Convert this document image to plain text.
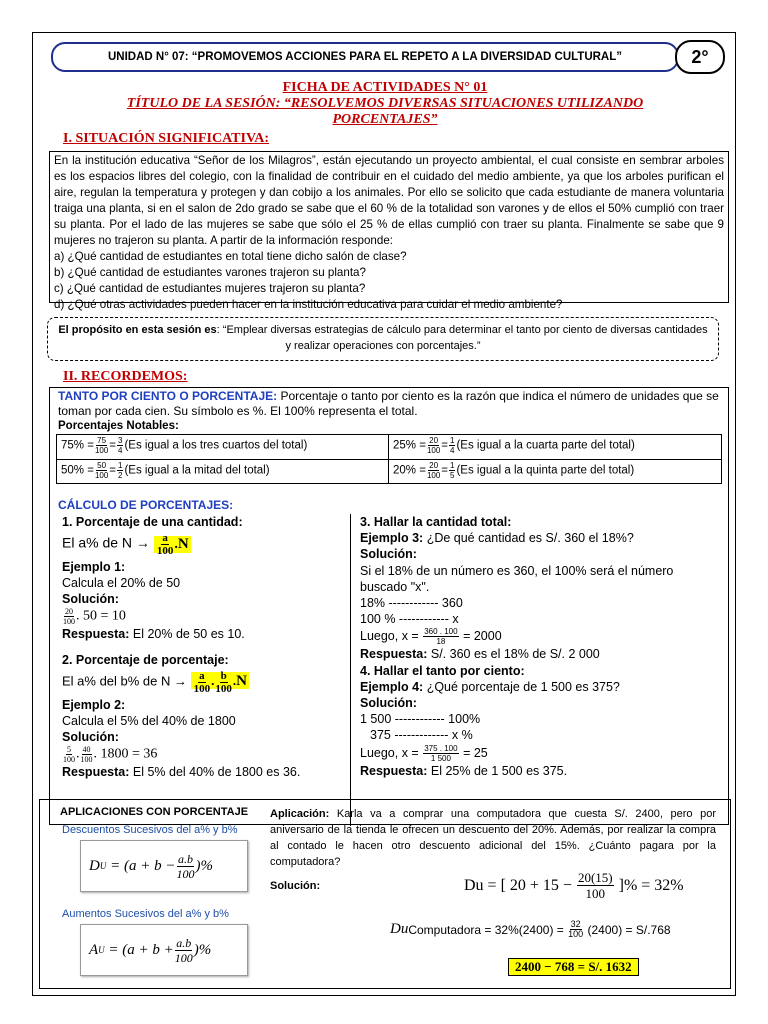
UNIDAD N° 07: “PROMOVEMOS ACCIONES PARA EL REPETO A LA DIVERSIDAD CULTURAL”	2°
FICHA DE ACTIVIDADES N° 01
TÍTULO DE LA SESIÓN: “RESOLVEMOS DIVERSAS SITUACIONES UTILIZANDO
PORCENTAJES”
I. SITUACIÓN SIGNIFICATIVA:
En la institución educativa “Señor de los Milagros”, están ejecutando un proyecto ambiental, el cual consiste en sembrar arboles es los espacios libres del colegio, con la finalidad de contribuir en el cuidado del medio ambiente, ya que los arboles purifican el aire, regulan la temperatura y protegen y dan cobijo a los animales. Por ello se solicito que cada estudiante de manera voluntaria traiga una planta, si en el salon de 2do grado se sabe que el 60 % de la totalidad son varones y de ellos el 50% cumplió con traer su planta. Por el lado de las mujeres se sabe que sólo el 25 % de ellas cumplió con traer su planta. Finalmente se sabe que 9 mujeres no trajeron su planta. A partir de la información responde:
a) ¿Qué cantidad de estudiantes en total tiene dicho salón de clase?
b) ¿Qué cantidad de estudiantes varones trajeron su planta?
c) ¿Qué cantidad de estudiantes mujeres trajeron su planta?
d) ¿Qué otras actividades pueden hacer en la institución educativa para cuidar el medio ambiente?
El propósito en esta sesión es: “Emplear diversas estrategias de cálculo para determinar el tanto por ciento de diversas cantidades
y realizar operaciones con porcentajes.”
II. RECORDEMOS:
TANTO POR CIENTO O PORCENTAJE: Porcentaje o tanto por ciento es la razón que indica el número de unidades que se
toman por cada cien. Su símbolo es %. El 100% representa el total.
Porcentajes Notables:
$75\% = \frac{75}{100} = \frac{3}{4} (Es$ igual a los tres cuartos del total)	$25\% = \frac{20}{100} = \frac{1}{4} (Es$ igual a la cuarta parte del total)
$50\% = \frac{50}{100} = \frac{1}{2} (Es$ igual a la mitad del total)	$20\% = \frac{20}{100} = \frac{1}{5} (Es$ igual a la quinta parte del total)
CÁLCULO DE PORCENTAJES:
1. Porcentaje de una cantidad:
El a% de $N \to \frac{a}{100} .N$
Ejemplo 1:
Calcula el 20% de 50
Solución:
$\frac{20}{100}$ . 50 = 10
Respuesta: El 20% de 50 es 10.
2. Porcentaje de porcentaje:
El a% del b% de $N \to \frac{a}{100}$ . $\frac{b}{100} .N$
Ejemplo 2:
Calcula el 5% del 40% de 1800
Solución:
$\frac{5}{100}$ . $\frac{40}{100}$ . 1800 = 36
Respuesta: El 5% del 40% de 1800 es 36.
3. Hallar la cantidad total:
Ejemplo 3: ¿De qué cantidad es S/. 360 el 18%?
Solución:
Si el 18% de un número es 360, el 100% será el número
buscado "x".
18% ------------ 360
100 % ------------ x
Luego, $x = \frac{360 . 100}{18} = 2000$
Respuesta: S/. 360 es el 18% de S/. 2 000
4. Hallar el tanto por ciento:
Ejemplo 4: ¿Qué porcentaje de 1 500 es 375?
Solución:
1 500 ------------ 100%
375 ------------- x %
Luego, $x = \frac{375 . 100}{1 500} = 25$
Respuesta: El 25% de 1 500 es 375.
APLICACIONES CON PORCENTAJE
Descuentos Sucesivos del a% y b%
D U
= ($a + b - \frac{a.b}{100}$ )%
Aumentos Sucesivos del a% y b%
A U
= ($a + b + \frac{a.b}{100}$ )%
Aplicación: Karla va a comprar una computadora que cuesta S/. 2400, pero por aniversario de la tienda le ofrecen un descuento del 20%. Además, por realizar la compra al contado le hacen otro descuento adicional del 15%. ¿Cuánto pagara por la computadora?
Solución:	Du = [ 20 + 15 −
$\frac{20(15)}{100}$
]% = 32%
Du Computadora = 32%(2400) =
$\frac{32}{100}$
(2400) = S/.768
2400 − 768 = S/. 1632
